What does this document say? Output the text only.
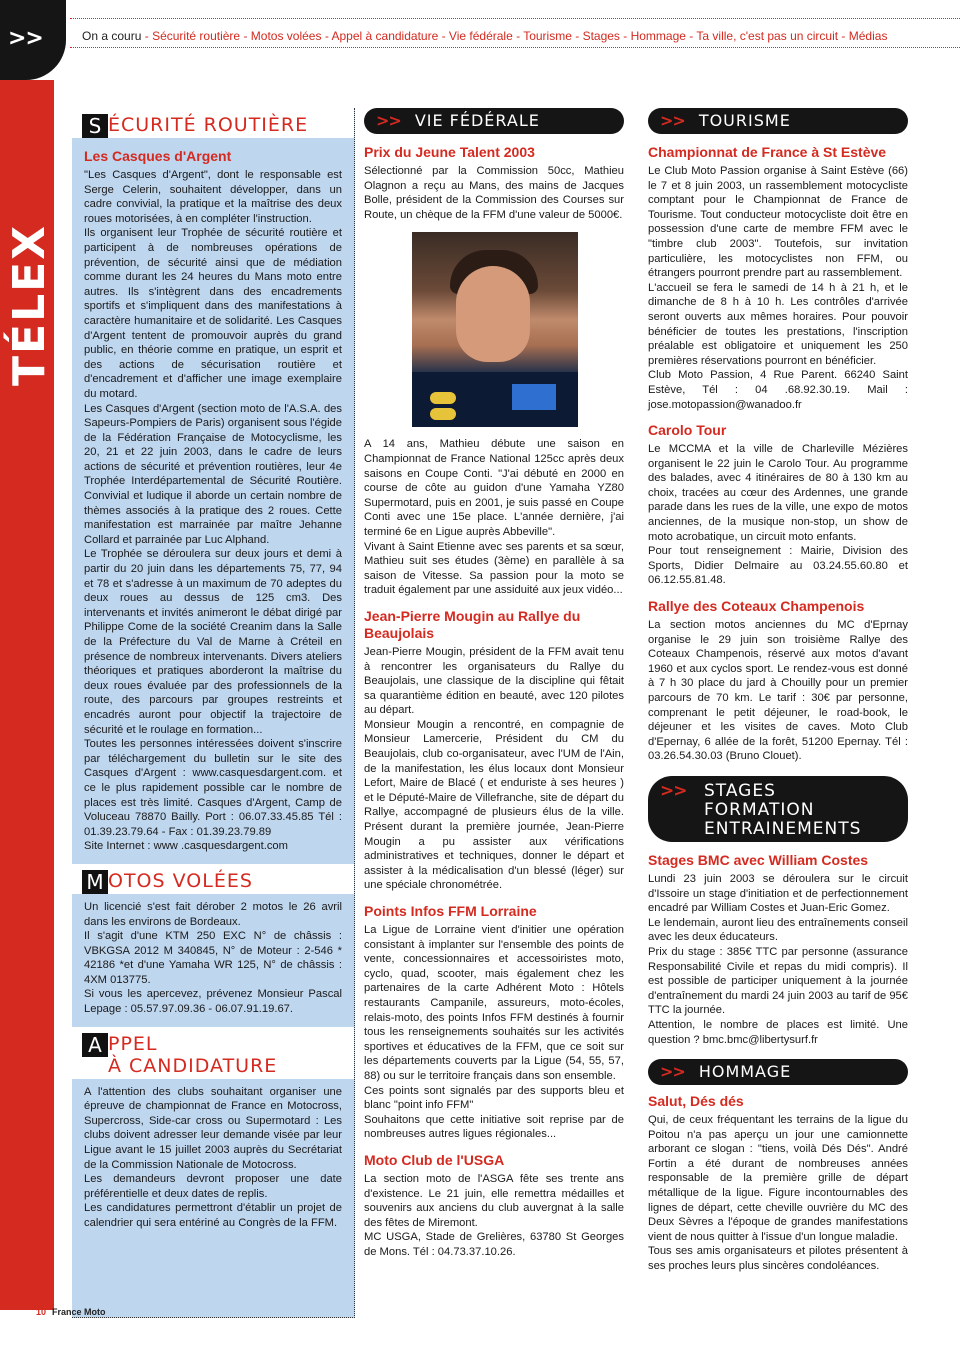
>>
TÉLEX
On a couru - Sécurité routière - Motos volées - Appel à candidature - Vie fédérale - Tourisme - Stages - Hommage - Ta ville, c'est pas un circuit - Médias
S ÉCURITÉ ROUTIÈRE
Les Casques d'Argent

"Les Casques d'Argent", dont le responsable est Serge Celerin, souhaitent développer, dans un cadre convivial, la pratique et la maîtrise des deux roues motorisées, à en compléter l'instruction.

Ils organisent leur Trophée de sécurité routière et participent à de nombreuses opérations de prévention, de sécurité ainsi que de médiation comme durant les 24 heures du Mans moto entre autres. Ils s'intègrent dans des encadrements sportifs et s'impliquent dans des manifestations à caractère humanitaire et de solidarité. Les Casques d'Argent tentent de promouvoir auprès du grand public, en théorie comme en pratique, un esprit et des actions de sécurisation routière et d'encadrement et d'afficher une image exemplaire du motard.

Les Casques d'Argent (section moto de l'A.S.A. des Sapeurs-Pompiers de Paris) organisent sous l'égide de la Fédération Française de Motocyclisme, les 20, 21 et 22 juin 2003, dans le cadre de leurs actions de sécurité et prévention routières, leur 4e Trophée Interdépartemental de Sécurité Routière. Convivial et ludique il aborde un certain nombre de thèmes associés à la pratique des 2 roues. Cette manifestation est marrainée par maître Jehanne Collard et parrainée par Luc Alphand.

Le Trophée se déroulera sur deux jours et demi à partir du 20 juin dans les départements 75, 77, 94 et 78 et s'adresse à un maximum de 70 adeptes du deux roues au dessus de 125 cm3. Des intervenants et invités animeront le débat dirigé par Philippe Come de la société Creanim dans la Salle de la Préfecture du Val de Marne à Créteil en présence de nombreux intervenants. Divers ateliers théoriques et pratiques aborderont la maîtrise du deux roues évaluée par des professionnels de la route, des parcours par groupes restreints et encadrés auront pour objectif la trajectoire de sécurité et le roulage en formation...

Toutes les personnes intéressées doivent s'inscrire par téléchargement du bulletin sur le site des Casques d'Argent : www.casquesdargent.com. et ce le plus rapidement possible car le nombre de places est très limité. Casques d'Argent, Camp de Voluceau 78870 Bailly. Port : 06.07.33.45.85 Tél : 01.39.23.79.64 - Fax : 01.39.23.79.89

Site Internet : www .casquesdargent.com

M OTOS VOLÉES

Un licencié s'est fait dérober 2 motos le 26 avril dans les environs de Bordeaux.

Il s'agit d'une KTM 250 EXC N° de châssis : VBKGSA 2012 M 340845, N° de Moteur : 2-546 * 42186 *et d'une Yamaha WR 125, N° de châssis : 4XM 013775.

Si vous les apercevez, prévenez Monsieur Pascal Lepage : 05.57.97.09.36 - 06.07.91.19.67.

A PPEL
À CANDIDATURE

A l'attention des clubs souhaitant organiser une épreuve de championnat de France en Motocross, Supercross, Side-car cross ou Supermotard : Les clubs doivent adresser leur demande visée par leur Ligue avant le 15 juillet 2003 auprès du Secrétariat de la Commission Nationale de Motocross.

Les demandeurs devront proposer une date préférentielle et deux dates de replis.

Les candidatures permettront d'établir un projet de calendrier qui sera entériné au Congrès de la FFM.

>> VIE FÉDÉRALE
Prix du Jeune Talent 2003

Sélectionné par la Commission 50cc, Mathieu Olagnon a reçu au Mans, des mains de Jacques Bolle, président de la Commission des Courses sur Route, un chèque de la FFM d'une valeur de 5000€.

A 14 ans, Mathieu débute une saison en Championnat de France National 125cc après deux saisons en Coupe Conti. "J'ai débuté en 2000 en course de côte au guidon d'une Yamaha YZ80 Supermotard, puis en 2001, je suis passé en Coupe Conti avec une 15e place. L'année dernière, j'ai terminé 6e en Ligue auprès Abbeville".

Vivant à Saint Etienne avec ses parents et sa sœur, Mathieu suit ses études (3ème) en parallèle à sa saison de Vitesse. Sa passion pour la moto se traduit également par une assiduité aux jeux vidéo...

Jean-Pierre Mougin au Rallye du Beaujolais

Jean-Pierre Mougin, président de la FFM avait tenu à rencontrer les organisateurs du Rallye du Beaujolais, une classique de la discipline qui fêtait sa quarantième édition en beauté, avec 120 pilotes au départ.

Monsieur Mougin a rencontré, en compagnie de Monsieur Lamercerie, Président du CM du Beaujolais, club co-organisateur, avec l'UM de l'Ain, de la manifestation, les élus locaux dont Monsieur Lefort, Maire de Blacé ( et enduriste à ses heures ) et le Député-Maire de Villefranche, site de départ du Rallye, accompagné de plusieurs élus de la ville. Présent durant la première journée, Jean-Pierre Mougin a pu assister aux vérifications administratives et techniques, donner le départ et assister à la médicalisation d'un blessé (léger) sur une spéciale chronométrée.

Points Infos FFM Lorraine

La Ligue de Lorraine vient d'initier une opération consistant à implanter sur l'ensemble des points de vente, concessionnaires et accessoiristes moto, cyclo, quad, scooter, mais également chez les partenaires de la carte Adhérent Moto : Hôtels restaurants Campanile, assureurs, moto-écoles, relais-moto, des points Infos FFM destinés à fournir tous les renseignements souhaités sur les activités sportives et éducatives de la FFM, que ce soit sur les départements couverts par la Ligue (54, 55, 57, 88) ou sur le territoire français dans son ensemble.

Ces points sont signalés par des supports bleu et blanc "point info FFM"

Souhaitons que cette initiative soit reprise par de nombreuses autres ligues régionales...

Moto Club de l'USGA

La section moto de l'ASGA fête ses trente ans d'existence. Le 21 juin, elle remettra médailles et souvenirs aux anciens du club auvergnat à la salle des fêtes de Miremont.

MC USGA, Stade de Grelières, 63780 St Georges de Mons. Tél : 04.73.37.10.26.

>> TOURISME
Championnat de France à St Estève

Le Club Moto Passion organise à Saint Estève (66) le 7 et 8 juin 2003, un rassemblement motocycliste comptant pour le Championnat de France de Tourisme. Tout conducteur motocycliste doit être en possession d'une carte de membre FFM avec le "timbre club 2003". Toutefois, sur invitation particulière, les motocyclistes non FFM, ou étrangers pourront prendre part au rassemblement.

L'accueil se fera le samedi de 14 h à 21 h, et le dimanche de 8 h à 10 h. Les contrôles d'arrivée seront ouverts aux mêmes horaires. Pour pouvoir bénéficier de toutes les prestations, l'inscription préalable est obligatoire et uniquement les 250 premières réservations pourront en bénéficier.

Club Moto Passion, 4 Rue Parent. 66240 Saint Estève, Tél : 04 .68.92.30.19. Mail : jose.motopassion@wanadoo.fr

Carolo Tour

Le MCCMA et la ville de Charleville Mézières organisent le 22 juin le Carolo Tour. Au programme des balades, avec 4 itinéraires de 80 à 130 km au choix, tracées au cœur des Ardennes, une grande parade dans les rues de la ville, une expo de motos anciennes, de la musique non-stop, un show de moto acrobatique, un circuit moto enfants.

Pour tout renseignement : Mairie, Division des Sports, Didier Delmaire au 03.24.55.60.80 et 06.12.55.81.48.

Rallye des Coteaux Champenois

La section motos anciennes du MC d'Eprnay organise le 29 juin son troisième Rallye des Coteaux Champenois, réservé aux motos d'avant 1960 et aux cyclos sport. Le rendez-vous est donné à 7 h 30 place du jard à Chouilly pour un premier parcours de 70 km. Le tarif : 30€ par personne, comprenant le petit déjeuner, le road-book, le déjeuner et les visites de caves. Moto Club d'Epernay, 6 allée de la forêt, 51200 Epernay. Tél : 03.26.54.30.03 (Bruno Clouet).

>> STAGES
FORMATION
ENTRAINEMENTS
Stages BMC avec William Costes

Lundi 23 juin 2003 se déroulera sur le circuit d'Issoire un stage d'initiation et de perfectionnement encadré par William Costes et Juan-Eric Gomez.

Le lendemain, auront lieu des entraînements conseil avec les deux éducateurs.

Prix du stage : 385€ TTC par personne (assurance Responsabilité Civile et repas du midi compris). Il est possible de participer uniquement à la journée d'entraînement du mardi 24 juin 2003 au tarif de 95€ TTC la journée.

Attention, le nombre de places est limité. Une question ? bmc.bmc@libertysurf.fr

>> HOMMAGE
Salut, Dés dés

Qui, de ceux fréquentant les terrains de la ligue du Poitou n'a pas aperçu un jour une camionnette arborant ce slogan : "tiens, voilà Dés Dés". André Fortin a été durant de nombreuses années responsable de la première grille de départ métallique de la ligue. Figure incontournables des lignes de départ, cette cheville ouvrière du MC des Deux Sèvres a l'époque de grandes manifestations vient de nous quitter à l'issue d'un longue maladie.

Tous ses amis organisateurs et pilotes présentent à ses proches leurs plus sincères condoléances.

10 France Moto
